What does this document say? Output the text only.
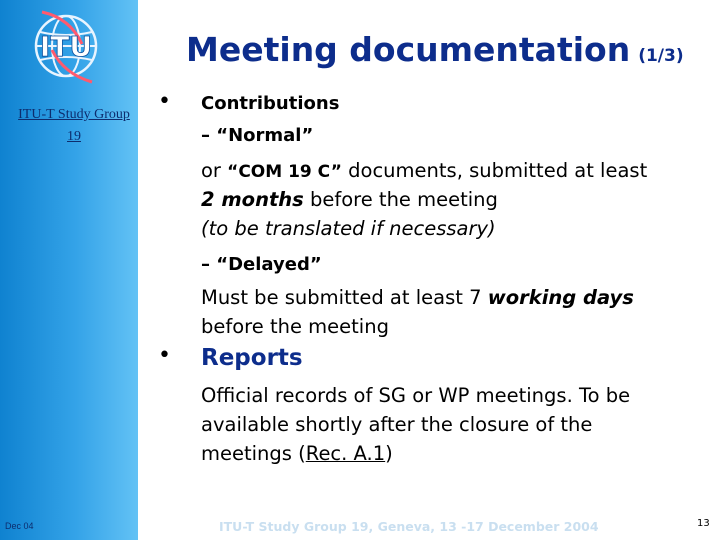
ITU
ITU-T Study Group 19
Dec 04
Meeting documentation (1/3)
• Contributions
– “Normal”
or “COM 19 C” documents, submitted at least
2 months before the meeting
(to be translated if necessary)
– “Delayed”
Must be submitted at least 7 working days
before the meeting
• Reports
Official records of SG or WP meetings. To be
available shortly after the closure of the
meetings (Rec. A.1)
ITU-T Study Group 19, Geneva, 13 -17 December 2004	13
